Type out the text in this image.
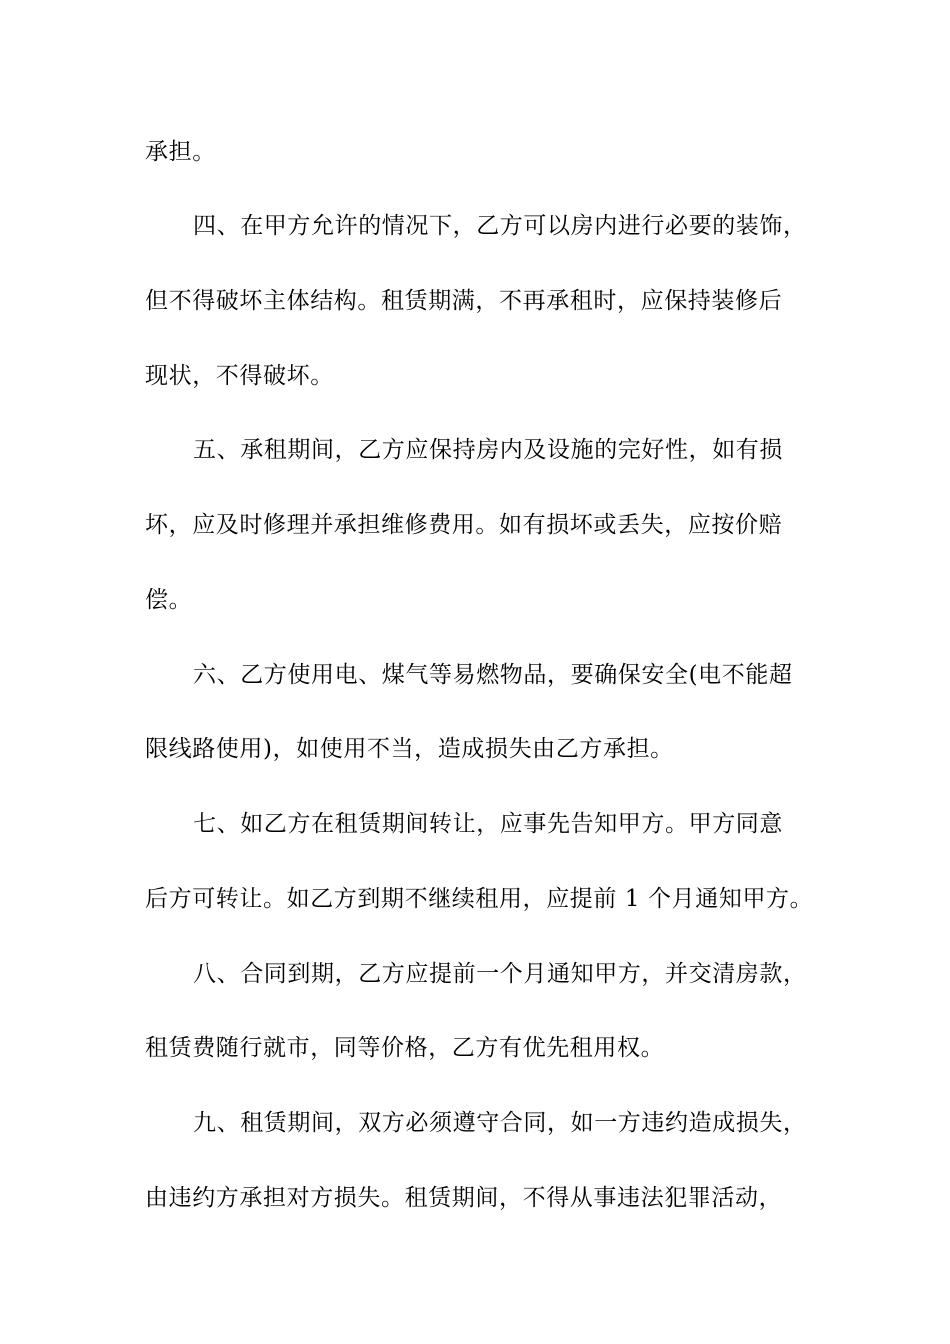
承担。
四、在甲方允许的情况下，乙方可以房内进行必要的装饰，
但不得破坏主体结构。租赁期满，不再承租时，应保持装修后
现状，不得破坏。
五、承租期间，乙方应保持房内及设施的完好性，如有损
坏，应及时修理并承担维修费用。如有损坏或丢失，应按价赔
偿。
六、乙方使用电、煤气等易燃物品，要确保安全(电不能超
限线路使用)，如使用不当，造成损失由乙方承担。
七、如乙方在租赁期间转让，应事先告知甲方。甲方同意
后方可转让。如乙方到期不继续租用，应提前 1 个月通知甲方。
八、合同到期，乙方应提前一个月通知甲方，并交清房款，
租赁费随行就市，同等价格，乙方有优先租用权。
九、租赁期间，双方必须遵守合同，如一方违约造成损失，
由违约方承担对方损失。租赁期间，不得从事违法犯罪活动，
